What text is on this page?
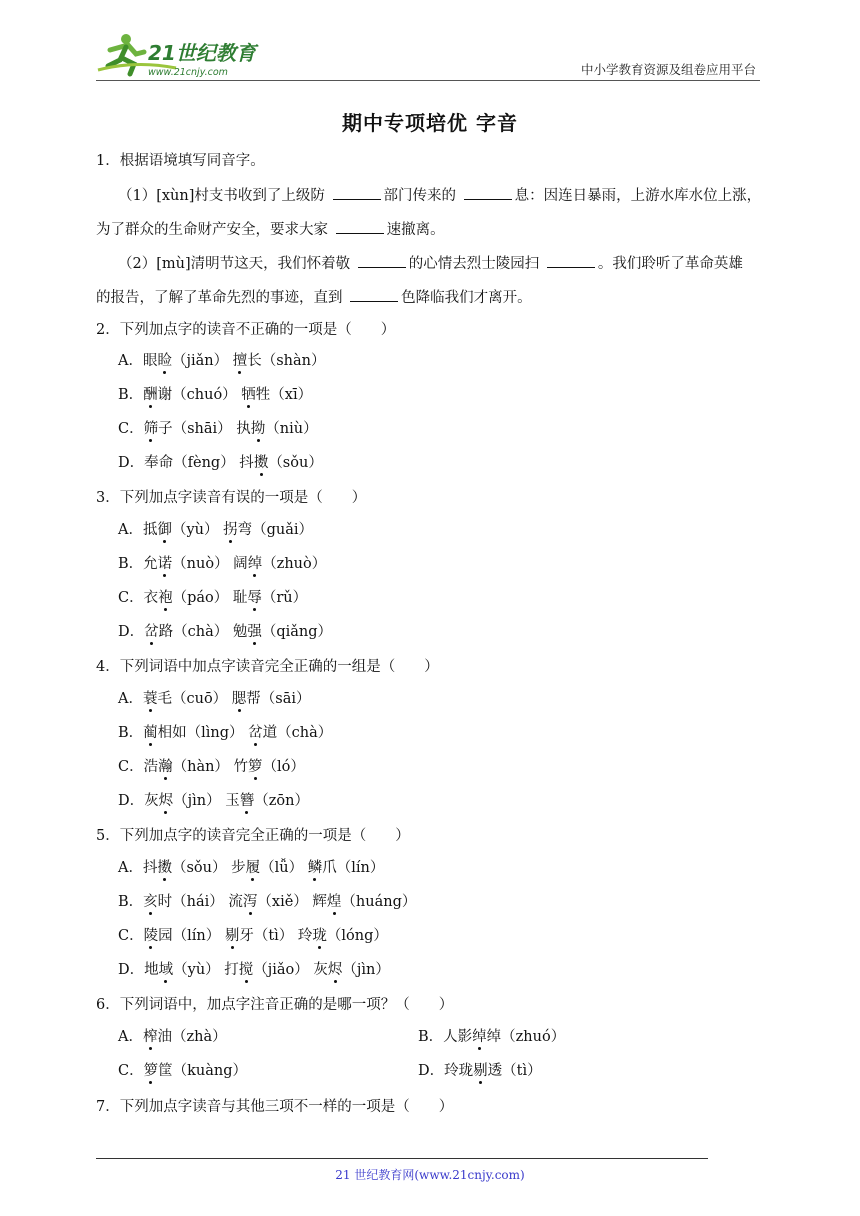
21世纪教育
www.21cnjy.com	中小学教育资源及组卷应用平台
期中专项培优 字音
1．根据语境填写同音字。
（1）[xùn]村支书收到了上级防	部门传来的	息：因连日暴雨，上游水库水位上涨，
为了群众的生命财产安全，要求大家	速撤离。
（2）[mù]清明节这天，我们怀着敬	的心情去烈士陵园扫	。我们聆听了革命英雄
的报告，了解了革命先烈的事迹，直到	色降临我们才离开。
2．下列加点字的读音不正确的一项是（　　）
A．眼睑（jiǎn） 擅长（shàn）
B．酬谢（chuó） 牺牲（xī）
C．筛子（shāi） 执拗（niù）
D．奉命（fèng） 抖擞（sǒu）
3．下列加点字读音有误的一项是（　　）
A．抵御（yù） 拐弯（guǎi）
B．允诺（nuò） 阔绰（zhuò）
C．衣袍（páo） 耻辱（rǔ）
D．岔路（chà） 勉强（qiǎng）
4．下列词语中加点字读音完全正确的一组是（　　）
A．蓑毛（cuō） 腮帮（sāi）
B．蔺相如（lìng） 岔道（chà）
C．浩瀚（hàn） 竹箩（ló）
D．灰烬（jìn） 玉簪（zōn）
5．下列加点字的读音完全正确的一项是（　　）
A．抖擞（sǒu） 步履（lǚ） 鳞爪（lín）
B．亥时（hái） 流泻（xiě） 辉煌（huáng）
C．陵园（lín） 剔牙（tì） 玲珑（lóng）
D．地域（yù） 打搅（jiǎo） 灰烬（jìn）
6．下列词语中，加点字注音正确的是哪一项？（　　）
A．榨油（zhà）	B．人影绰绰（zhuó）
C．箩筐（kuàng）	D．玲珑剔透（tì）
7．下列加点字读音与其他三项不一样的一项是（　　）
21 世纪教育网(www.21cnjy.com)
